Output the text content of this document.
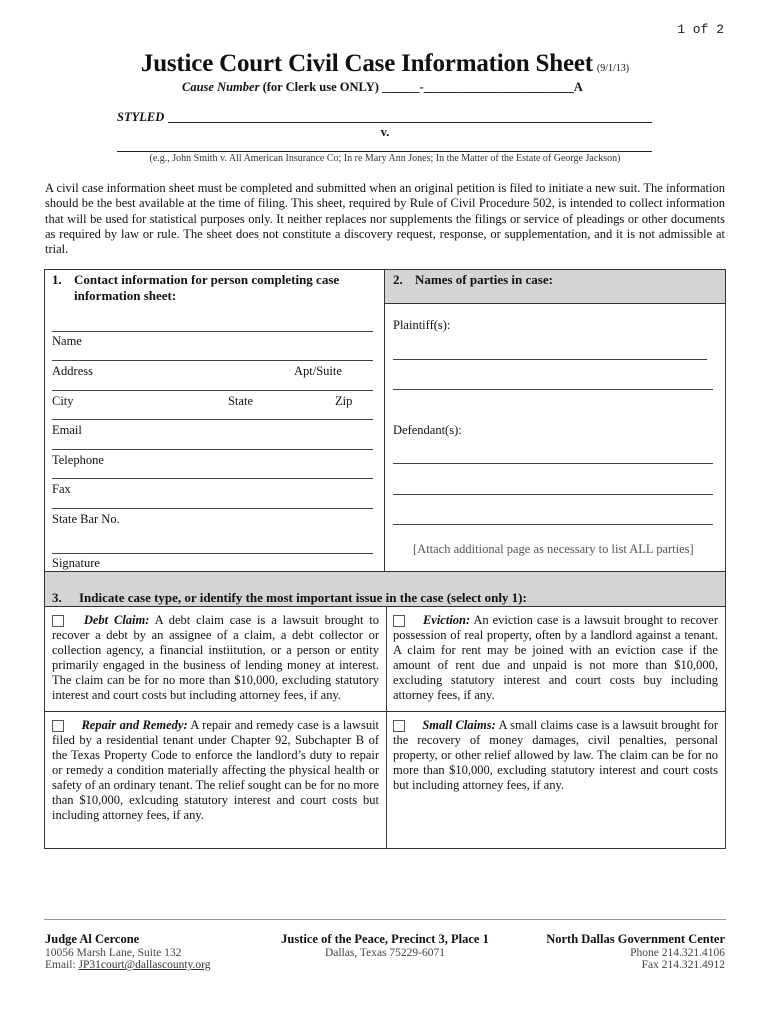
1 of 2
Justice Court Civil Case Information Sheet (9/1/13)
Cause Number (for Clerk use ONLY) ______-________________________A
STYLED
v.
(e.g., John Smith v. All American Insurance Co; In re Mary Ann Jones; In the Matter of the Estate of George Jackson)
A civil case information sheet must be completed and submitted when an original petition is filed to initiate a new suit. The information should be the best available at the time of filing. This sheet, required by Rule of Civil Procedure 502, is intended to collect information that will be used for statistical purposes only. It neither replaces nor supplements the filings or service of pleadings or other documents as required by law or rule. The sheet does not constitute a discovery request, response, or supplementation, and it is not admissible at trial.
1. Contact information for person completing case information sheet:
Name
Address	Apt/Suite
City	State	Zip
Email
Telephone
Fax
State Bar No.
Signature
2. Names of parties in case:
Plaintiff(s):
Defendant(s):
[Attach additional page as necessary to list ALL parties]
3. Indicate case type, or identify the most important issue in the case (select only 1):
Debt Claim: A debt claim case is a lawsuit brought to recover a debt by an assignee of a claim, a debt collector or collection agency, a financial instiitution, or a person or entity primarily engaged in the business of lending money at interest. The claim can be for no more than $10,000, excluding statutory interest and court costs but including attorney fees, if any.
Eviction: An eviction case is a lawsuit brought to recover possession of real property, often by a landlord against a tenant. A claim for rent may be joined with an eviction case if the amount of rent due and unpaid is not more than $10,000, excluding statutory interest and court costs buy including attorney fees, if any.
Repair and Remedy: A repair and remedy case is a lawsuit filed by a residential tenant under Chapter 92, Subchapter B of the Texas Property Code to enforce the landlord’s duty to repair or remedy a condition materially affecting the physical health or safety of an ordinary tenant. The relief sought can be for no more than $10,000, exlcuding statutory interest and court costs but including attorney fees, if any.
Small Claims: A small claims case is a lawsuit brought for the recovery of money damages, civil penalties, personal property, or other relief allowed by law. The claim can be for no more than $10,000, excluding statutory interest and court costs but including attorney fees, if any.
Judge Al Cercone
10056 Marsh Lane, Suite 132
Email: JP31court@dallascounty.org
Justice of the Peace, Precinct 3, Place 1
Dallas, Texas 75229-6071
North Dallas Government Center
Phone 214.321.4106
Fax 214.321.4912
